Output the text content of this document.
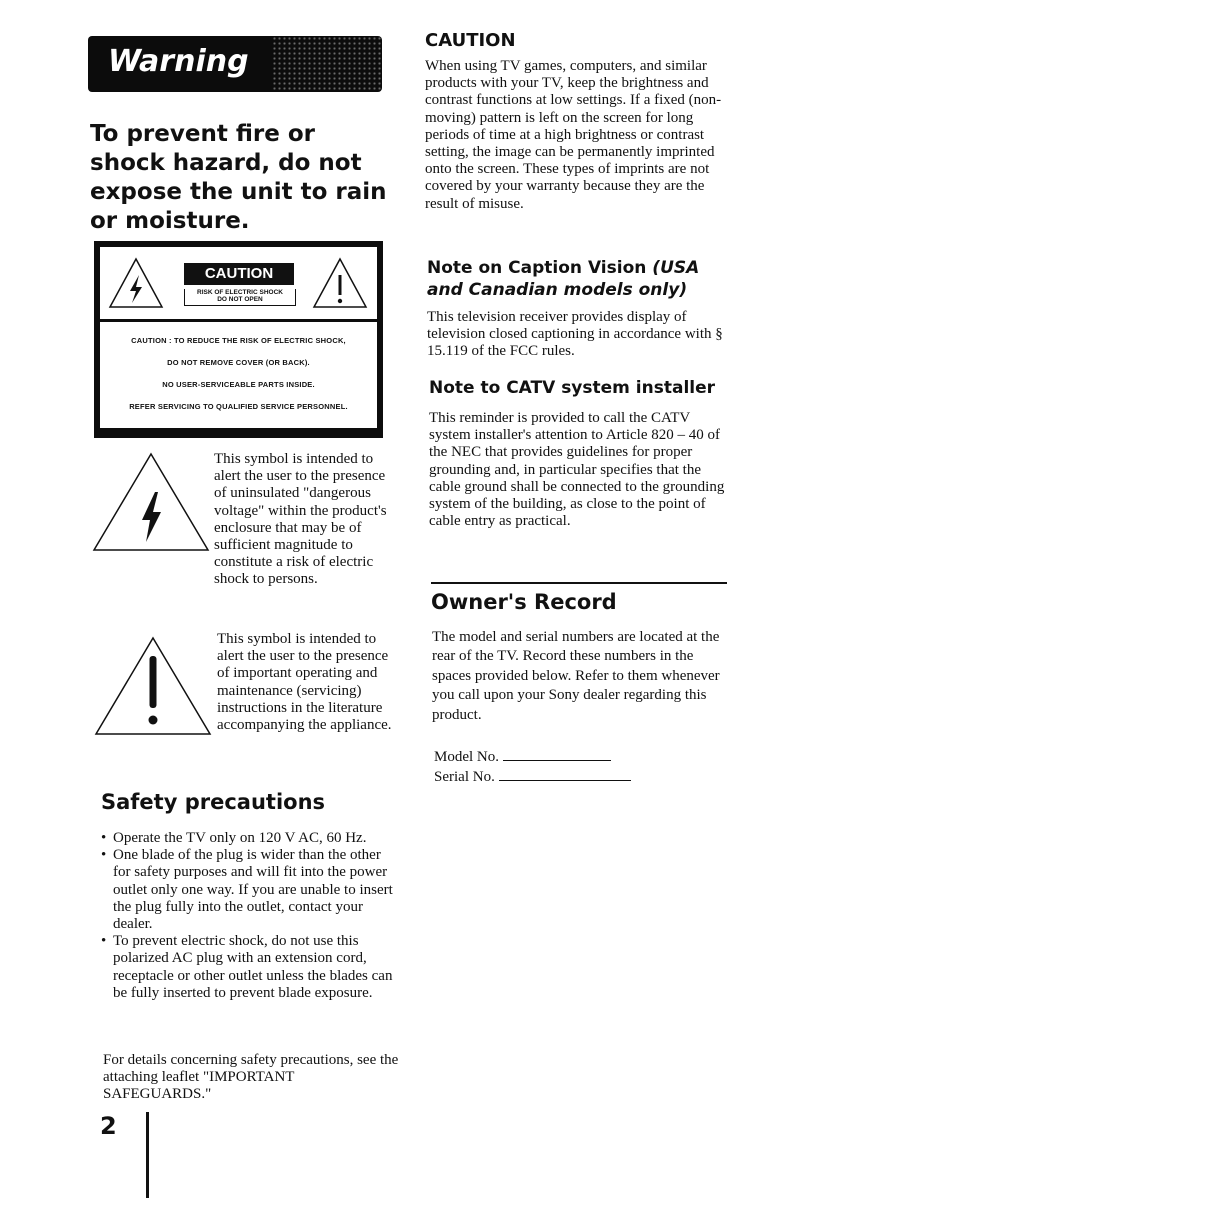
Warning
To prevent fire or shock hazard, do not expose the unit to rain or moisture.
CAUTION
RISK OF ELECTRIC SHOCK
DO NOT OPEN
CAUTION : TO REDUCE THE RISK OF ELECTRIC SHOCK,
DO NOT REMOVE COVER (OR BACK).
NO USER-SERVICEABLE PARTS INSIDE.
REFER SERVICING TO QUALIFIED SERVICE PERSONNEL.
This symbol is intended to alert the user to the presence of uninsulated "dangerous voltage" within the product's enclosure that may be of sufficient magnitude to constitute a risk of electric shock to persons.
This symbol is intended to alert the user to the presence of important operating and maintenance (servicing) instructions in the literature accompanying the appliance.
Safety precautions
• Operate the TV only on 120 V AC, 60 Hz.
• One blade of the plug is wider than the other for safety purposes and will fit into the power outlet only one way. If you are unable to insert the plug fully into the outlet, contact your dealer.
• To prevent electric shock, do not use this polarized AC plug with an extension cord, receptacle or other outlet unless the blades can be fully inserted to prevent blade exposure.
For details concerning safety precautions, see the attaching leaflet "IMPORTANT SAFEGUARDS."
2
CAUTION
When using TV games, computers, and similar products with your TV, keep the brightness and contrast functions at low settings. If a fixed (non-moving) pattern is left on the screen for long periods of time at a high brightness or contrast setting, the image can be permanently imprinted onto the screen. These types of imprints are not covered by your warranty because they are the result of misuse.
Note on Caption Vision (USA and Canadian models only)
This television receiver provides display of television closed captioning in accordance with § 15.119 of the FCC rules.
Note to CATV system installer
This reminder is provided to call the CATV system installer's attention to Article 820 – 40 of the NEC that provides guidelines for proper grounding and, in particular specifies that the cable ground shall be connected to the grounding system of the building, as close to the point of cable entry as practical.
Owner's Record
The model and serial numbers are located at the rear of the TV. Record these numbers in the spaces provided below. Refer to them whenever you call upon your Sony dealer regarding this product.
Model No.
Serial No.
